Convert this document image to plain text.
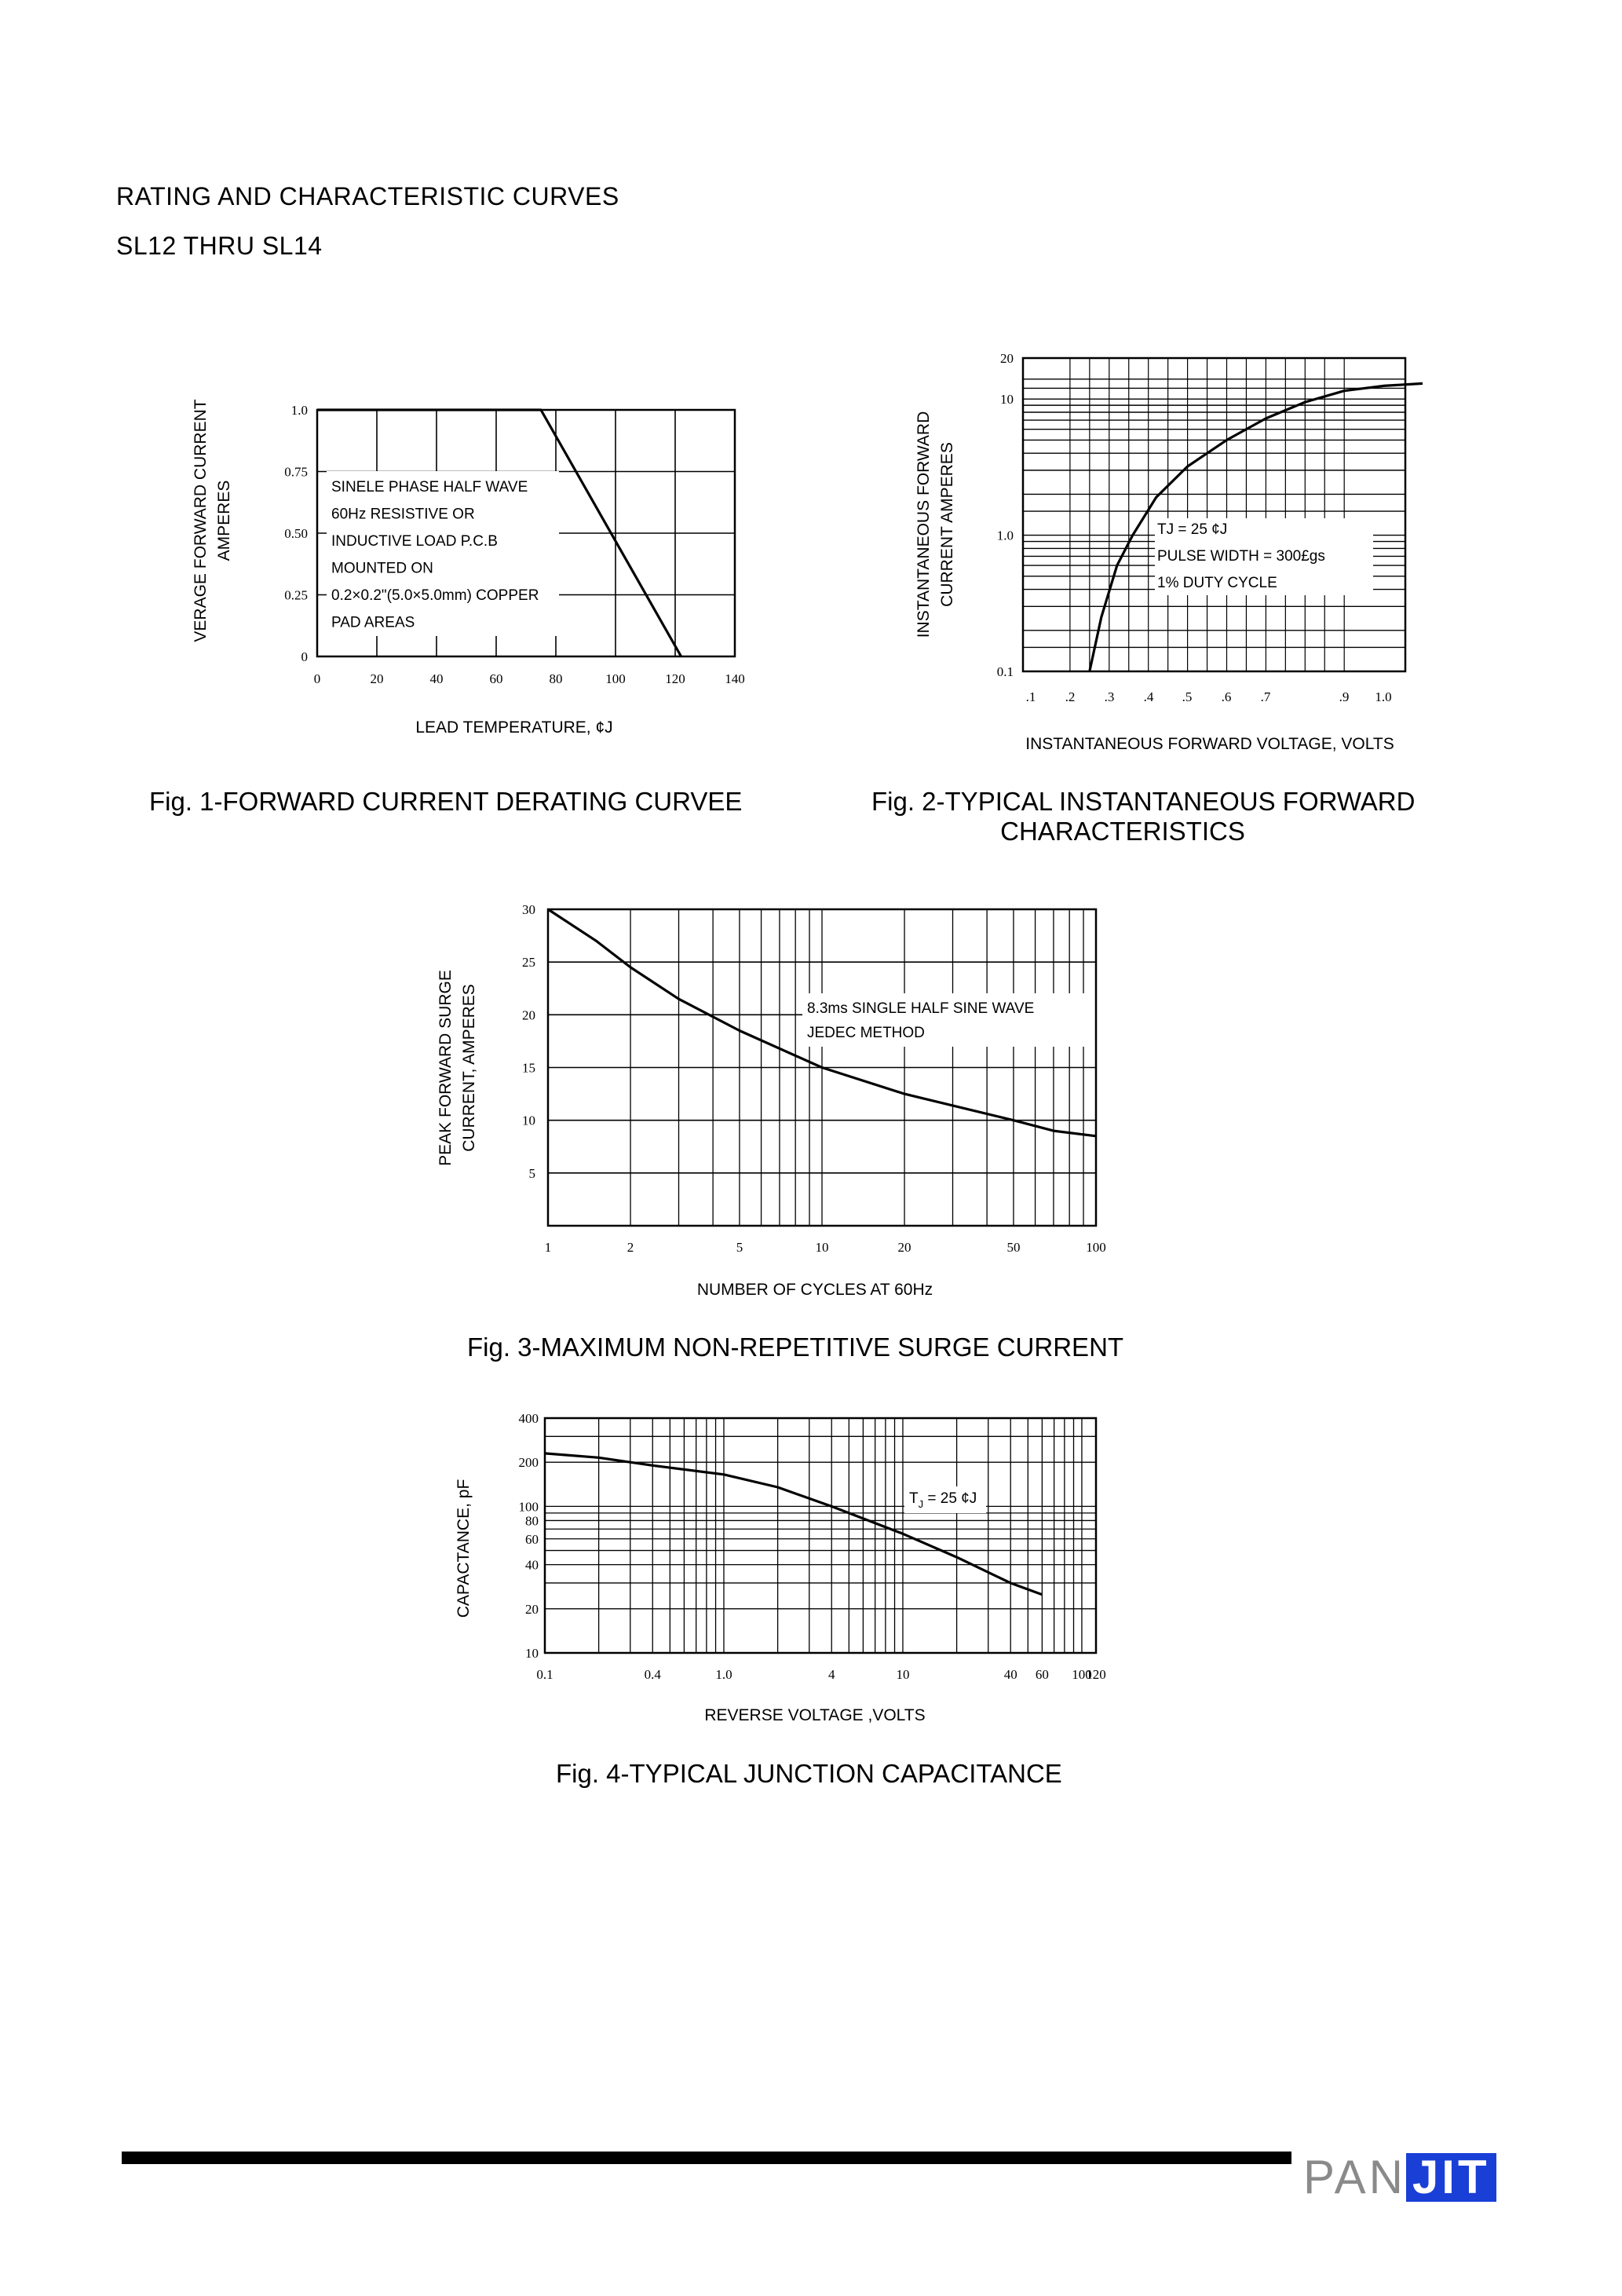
RATING AND CHARACTERISTIC CURVES
SL12 THRU SL14
0
0.25
0.50
0.75
1.0
0	20	40	60	80	100	120	140
SINELE PHASE HALF WAVE
60Hz RESISTIVE OR
INDUCTIVE LOAD P.C.B
MOUNTED ON
0.2×0.2"(5.0×5.0mm) COPPER
PAD AREAS
LEAD TEMPERATURE, ¢J
VERAGE FORWARD CURRENT AMPERES
0.1
1.0
10
20
.1 .2 .3 .4 .5 .6 .7	.9 1.0
TJ = 25 ¢J
PULSE WIDTH = 300£gs
1% DUTY CYCLE
INSTANTANEOUS FORWARD VOLTAGE, VOLTS
INSTANTANEOUS FORWARD CURRENT AMPERES
5
10
15
20
25
30
1	2	5	10	20	50	100
8.3ms SINGLE HALF SINE WAVE
JEDEC METHOD
NUMBER OF CYCLES AT 60Hz
PEAK FORWARD SURGE CURRENT, AMPERES
10
20
40
60
80
100
200
400
0.1	0.4	1.0	4	10	40 60 100
120
$T_J = 25$ ¢J
REVERSE VOLTAGE ,VOLTS
CAPACTANCE, pF
Fig. 1-FORWARD CURRENT DERATING CURVEE	Fig. 2-TYPICAL INSTANTANEOUS FORWARD
CHARACTERISTICS
Fig. 3-MAXIMUM NON-REPETITIVE SURGE CURRENT
Fig. 4-TYPICAL JUNCTION CAPACITANCE
PAN JIT
